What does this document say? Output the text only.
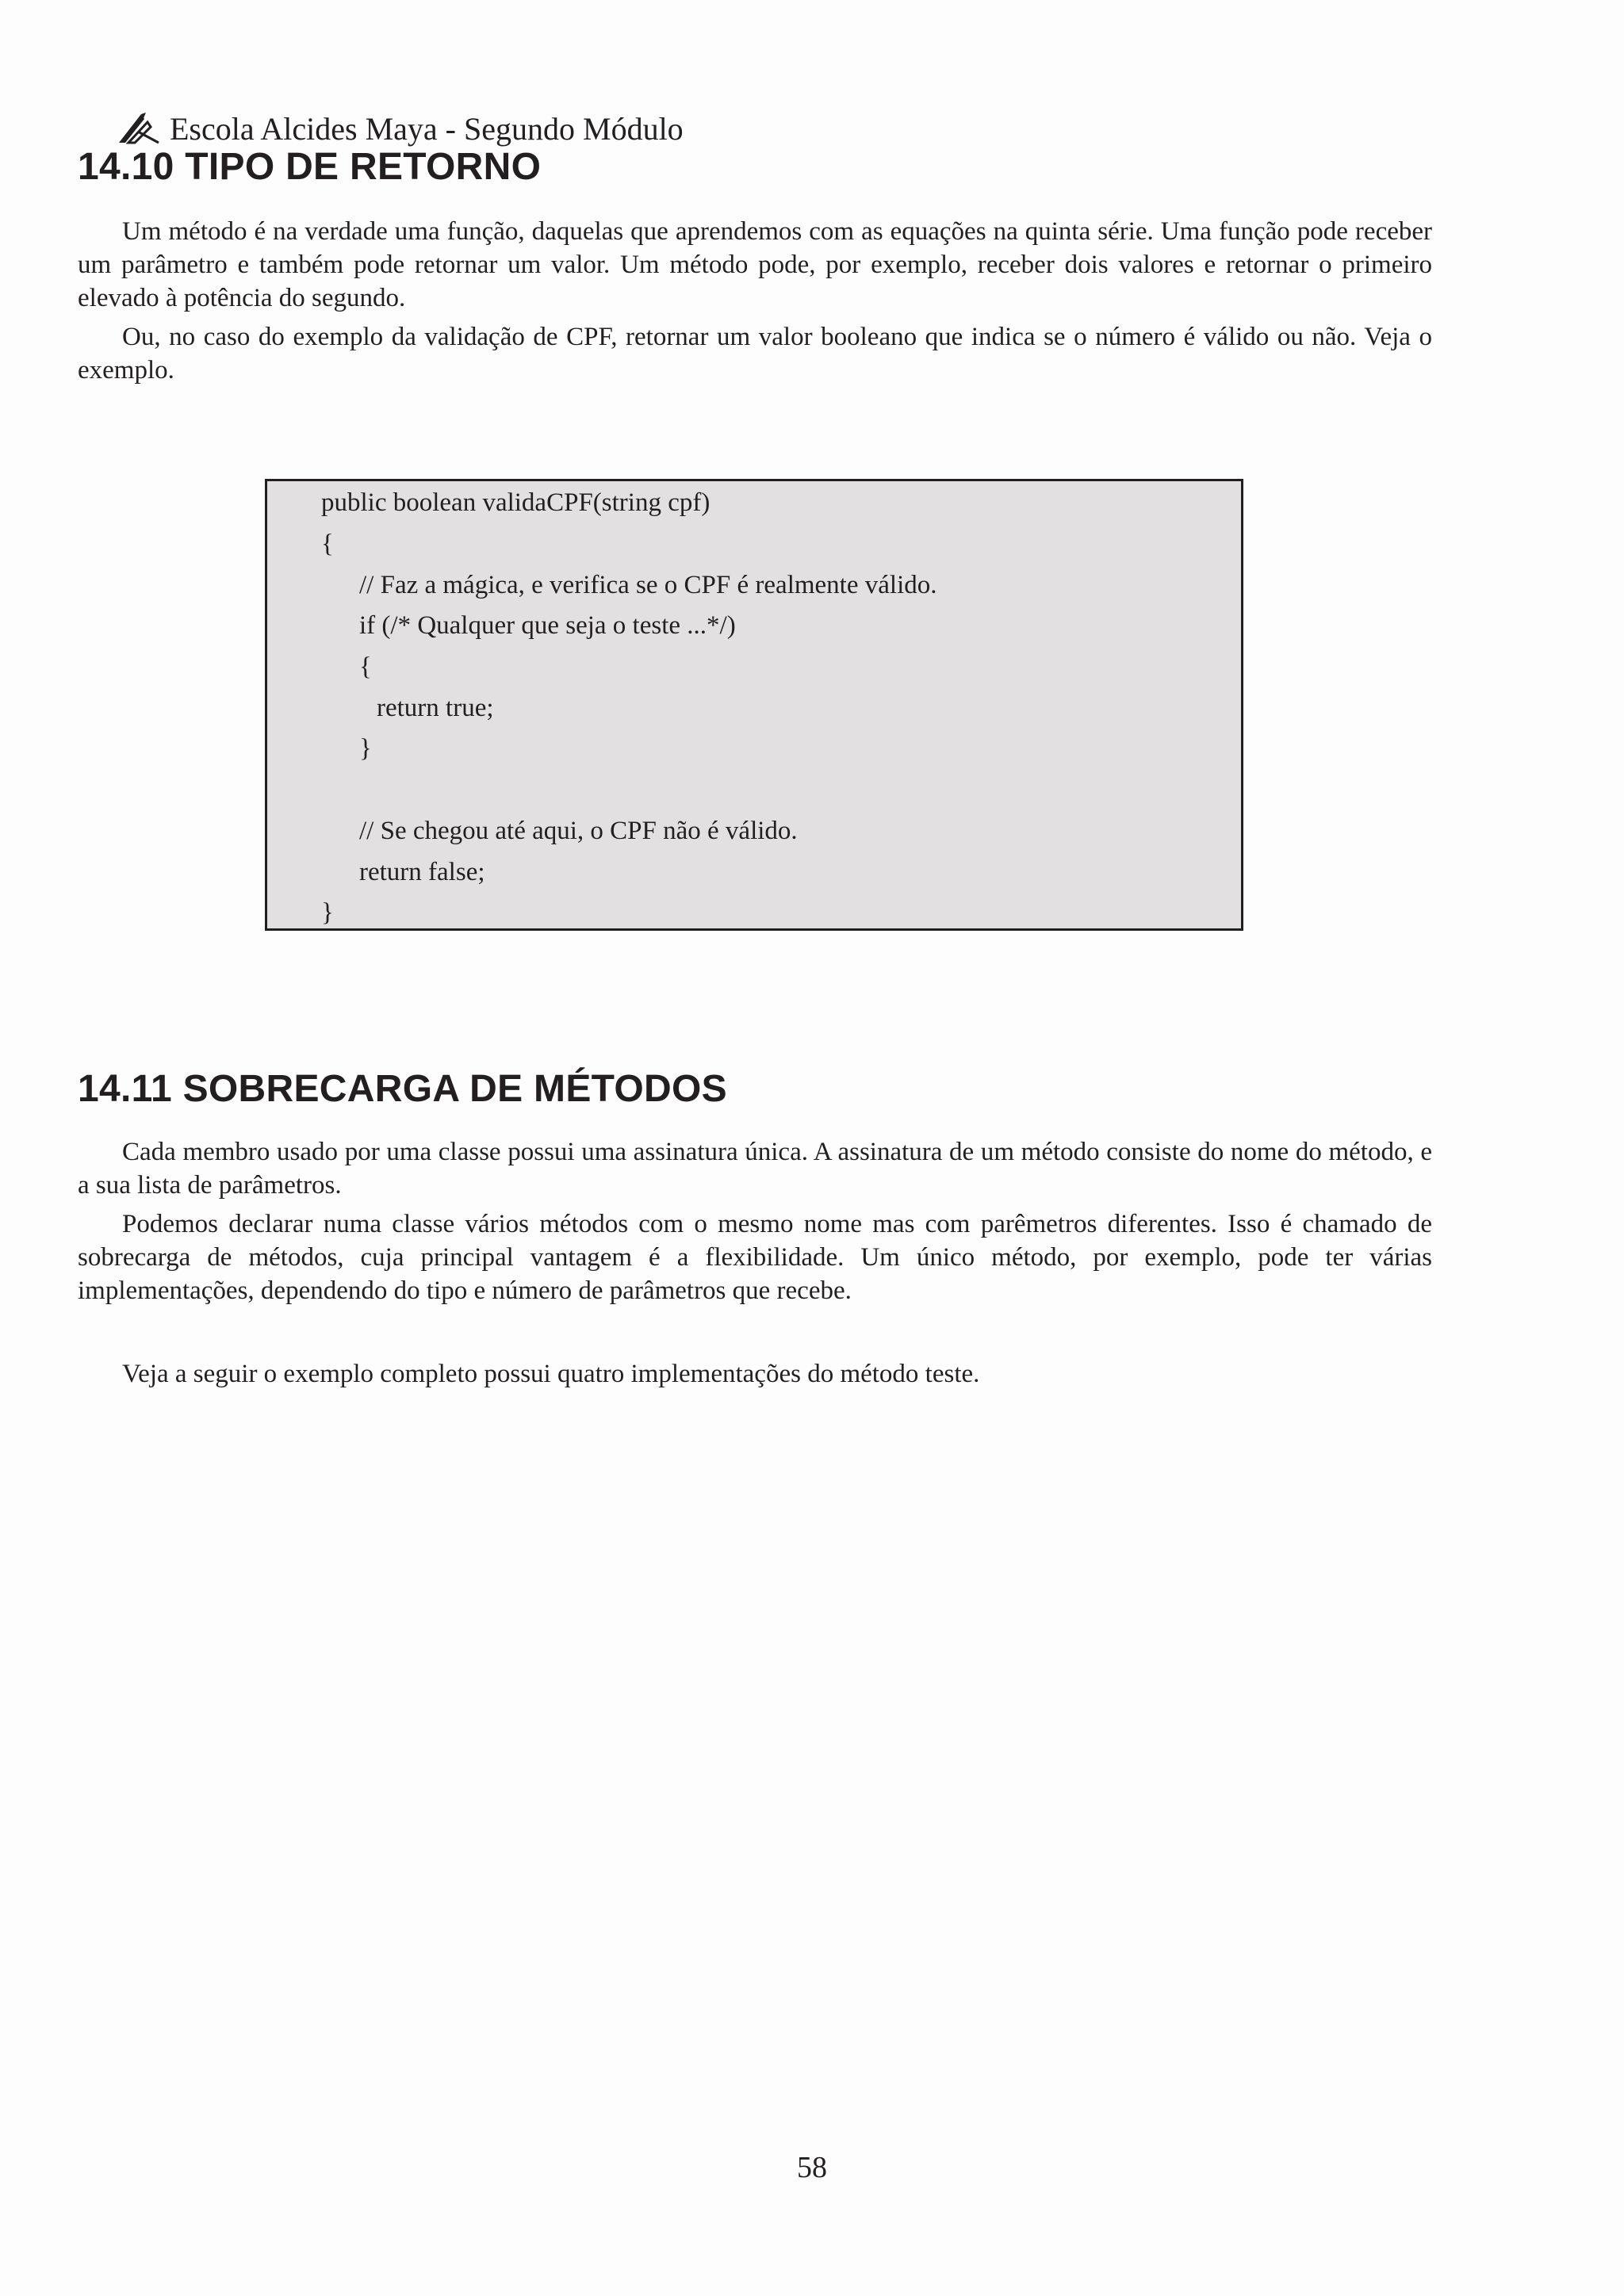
Escola Alcides Maya - Segundo Módulo
14.10 TIPO DE RETORNO

Um método é na verdade uma função, daquelas que aprendemos com as equações na quinta série. Uma função pode receber um parâmetro e também pode retornar um valor. Um método pode, por exemplo, receber dois valores e retornar o primeiro elevado à potência do segundo.

Ou, no caso do exemplo da validação de CPF, retornar um valor booleano que indica se o número é válido ou não. Veja o exemplo.

public boolean validaCPF(string cpf)
{
// Faz a mágica, e verifica se o CPF é realmente válido.
if (/* Qualquer que seja o teste ...*/)
{
return true;
}
// Se chegou até aqui, o CPF não é válido.
return false;
}
14.11 SOBRECARGA DE MÉTODOS

Cada membro usado por uma classe possui uma assinatura única. A assinatura de um método consiste do nome do método, e a sua lista de parâmetros.

Podemos declarar numa classe vários métodos com o mesmo nome mas com parêmetros diferentes. Isso é chamado de sobrecarga de métodos, cuja principal vantagem é a flexibilidade. Um único método, por exemplo, pode ter várias implementações, dependendo do tipo e número de parâmetros que recebe.

Veja a seguir o exemplo completo possui quatro implementações do método teste.

58
